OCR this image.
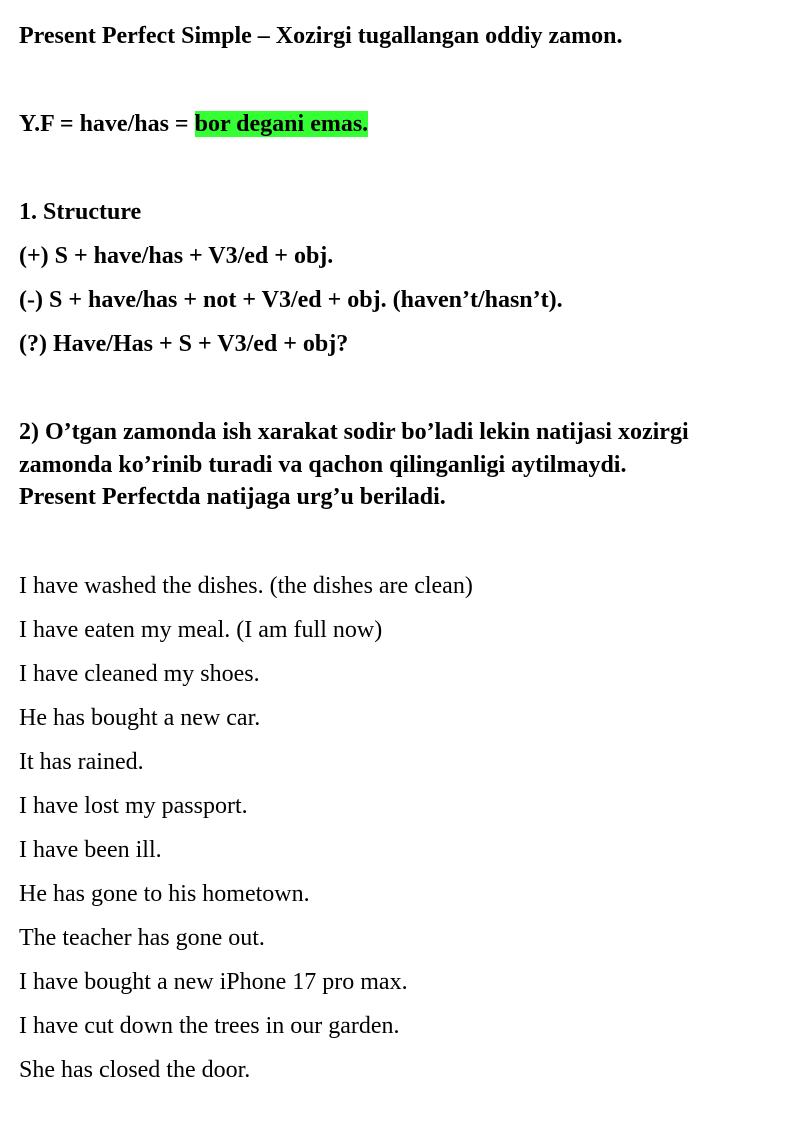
Present Perfect Simple – Xozirgi tugallangan oddiy zamon.
Y.F = have/has = bor degani emas.
1. Structure
(+) S + have/has + V3/ed + obj.
(-) S + have/has + not + V3/ed + obj. (haven’t/hasn’t).
(?) Have/Has + S + V3/ed + obj?
2) O’tgan zamonda ish xarakat sodir bo’ladi lekin natijasi xozirgi
zamonda ko’rinib turadi va qachon qilinganligi aytilmaydi.
Present Perfectda natijaga urg’u beriladi.
I have washed the dishes. (the dishes are clean)
I have eaten my meal. (I am full now)
I have cleaned my shoes.
He has bought a new car.
It has rained.
I have lost my passport.
I have been ill.
He has gone to his hometown.
The teacher has gone out.
I have bought a new iPhone 17 pro max.
I have cut down the trees in our garden.
She has closed the door.
